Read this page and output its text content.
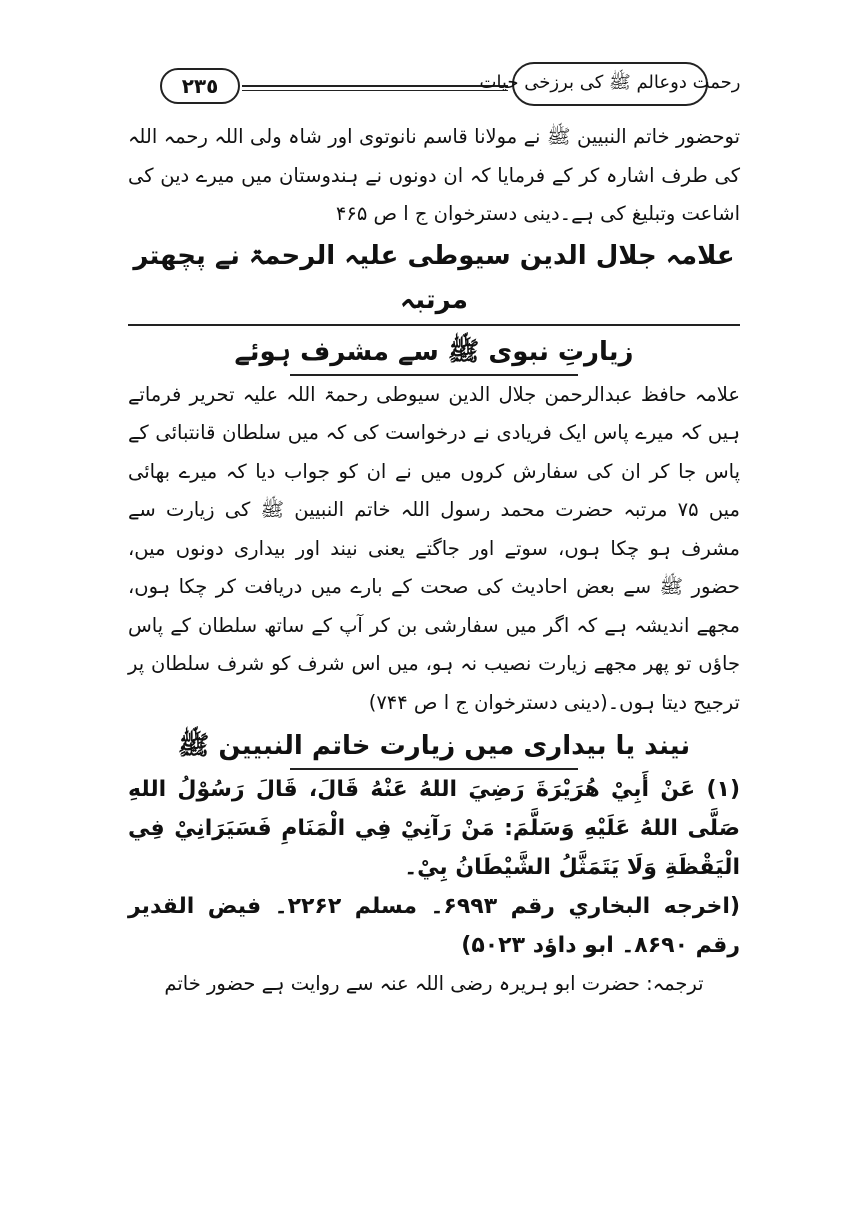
٢٣٥	رحمت دوعالم ﷺ کی برزخی حیات

توحضور خاتم النبیین ﷺ نے مولانا قاسم نانوتوی اور شاہ ولی اللہ رحمہ اللہ کی طرف اشارہ کر کے فرمایا کہ ان دونوں نے ہندوستان میں میرے دین کی اشاعت وتبلیغ کی ہے۔دینی دسترخوان ج ا ص ۴۶۵

علامہ جلال الدین سیوطی علیہ الرحمۃ نے پچھتر مرتبہ

زیارتِ نبوی ﷺ سے مشرف ہوئے

علامہ حافظ عبدالرحمن جلال الدین سیوطی رحمۃ اللہ علیہ تحریر فرماتے ہیں کہ میرے پاس ایک فریادی نے درخواست کی کہ میں سلطان قانتبائی کے پاس جا کر ان کی سفارش کروں میں نے ان کو جواب دیا کہ میرے بھائی میں ۷۵ مرتبہ حضرت محمد رسول اللہ خاتم النبیین ﷺ کی زیارت سے مشرف ہو چکا ہوں، سوتے اور جاگتے یعنی نیند اور بیداری دونوں میں، حضور ﷺ سے بعض احادیث کی صحت کے بارے میں دریافت کر چکا ہوں، مجھے اندیشہ ہے کہ اگر میں سفارشی بن کر آپ کے ساتھ سلطان کے پاس جاؤں تو پھر مجھے زیارت نصیب نہ ہو، میں اس شرف کو شرف سلطان پر ترجیح دیتا ہوں۔(دینی دسترخوان ج ا ص ۷۴۴)

نیند یا بیداری میں زیارت خاتم النبیین ﷺ

(۱) عَنْ أَبِيْ هُرَيْرَةَ رَضِيَ اللهُ عَنْهُ قَالَ، قَالَ رَسُوْلُ اللهِ صَلَّى اللهُ عَلَيْهِ وَسَلَّمَ: مَنْ رَآنِيْ فِي الْمَنَامِ فَسَيَرَانِيْ فِي الْيَقْظَةِ وَلَا يَتَمَثَّلُ الشَّيْطَانُ بِيْ۔

(اخرجه البخاري رقم ۶۹۹۳۔ مسلم ۲۲۶۲۔ فيض القدير رقم ۸۶۹۰۔ ابو داؤد ۵۰۲۳)

ترجمہ: حضرت ابو ہریرہ رضی اللہ عنہ سے روایت ہے حضور خاتم
